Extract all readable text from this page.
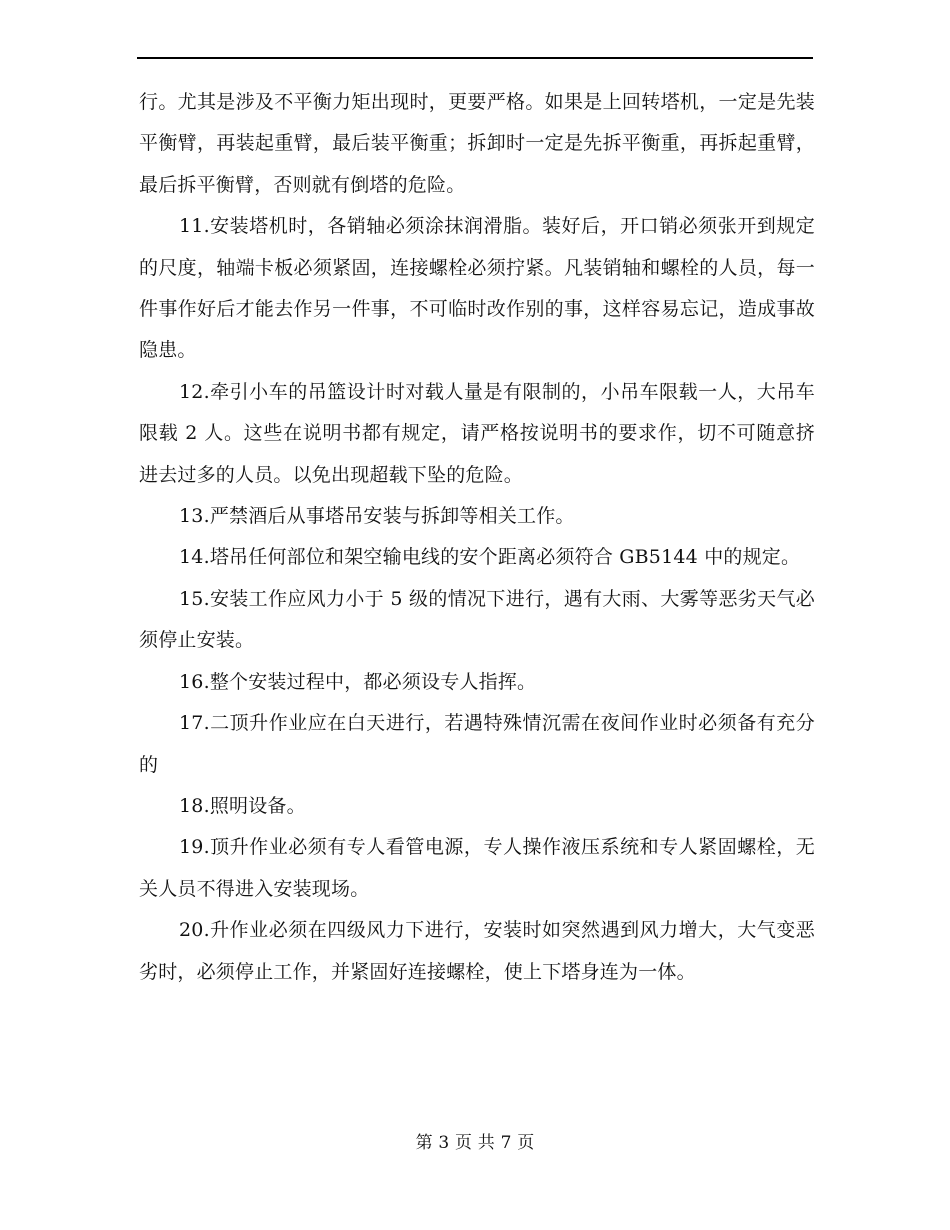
行。尤其是涉及不平衡力矩出现时，更要严格。如果是上回转塔机，一定是先装平衡臂，再装起重臂，最后装平衡重；拆卸时一定是先拆平衡重，再拆起重臂，最后拆平衡臂，否则就有倒塔的危险。

11.安装塔机时，各销轴必须涂抹润滑脂。装好后，开口销必须张开到规定的尺度，轴端卡板必须紧固，连接螺栓必须拧紧。凡装销轴和螺栓的人员，每一件事作好后才能去作另一件事，不可临时改作别的事，这样容易忘记，造成事故隐患。

12.牵引小车的吊篮设计时对载人量是有限制的，小吊车限载一人，大吊车限载 2 人。这些在说明书都有规定，请严格按说明书的要求作，切不可随意挤进去过多的人员。以免出现超载下坠的危险。

13.严禁酒后从事塔吊安装与拆卸等相关工作。

14.塔吊任何部位和架空输电线的安个距离必须符合 GB5144 中的规定。

15.安装工作应风力小于 5 级的情况下进行，遇有大雨、大雾等恶劣天气必须停止安装。

16.整个安装过程中，都必须设专人指挥。

17.二顶升作业应在白天进行，若遇特殊情沉需在夜间作业时必须备有充分的

18.照明设备。

19.顶升作业必须有专人看管电源，专人操作液压系统和专人紧固螺栓，无关人员不得进入安装现场。

20.升作业必须在四级风力下进行，安装时如突然遇到风力增大，大气变恶劣时，必须停止工作，并紧固好连接螺栓，使上下塔身连为一体。

第 3 页 共 7 页
